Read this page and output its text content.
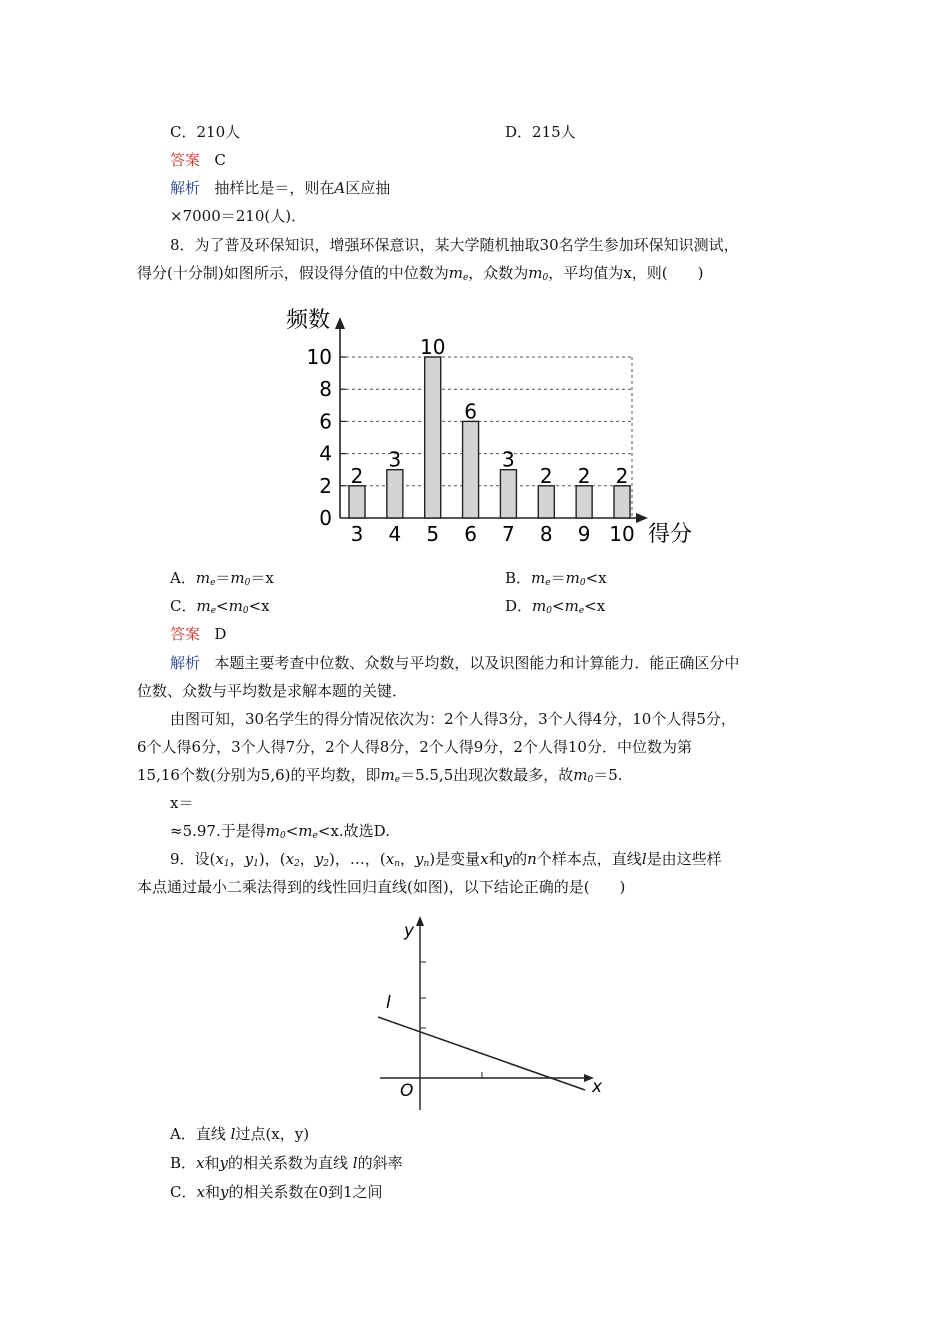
C．210人	D．215人
答案 C
解析 抽样比是＝，则在A区应抽
×7000＝210(人)．
8．为了普及环保知识，增强环保意识，某大学随机抽取30名学生参加环保知识测试，
得分(十分制)如图所示，假设得分值的中位数为$m_e$，众数为$m_0$，平均值为x，则(　　)
0
2
4
6
8
10
频数
得分
2
3
3
4
10
5
6
6
3
7
2
8
2
9
2
10
A．$m_e=m_0=x$	B．$m_e=m_0<x$
C．$m_e<m_0<x$	D．$m_0<m_e<x$
答案 D
解析 本题主要考查中位数、众数与平均数，以及识图能力和计算能力．能正确区分中
位数、众数与平均数是求解本题的关键．
由图可知，30名学生的得分情况依次为：2个人得3分，3个人得4分，10个人得5分，
6个人得6分，3个人得7分，2个人得8分，2个人得9分，2个人得10分．中位数为第
15,16个数(分别为5,6)的平均数，即$m_e=5.5,5$出现次数最多，故$m_0=5$.
x＝
≈5.97.于是得$m_0<m_e<x$.故选D.
9．设($x_1$，$y_1$)，($x_2$，$y_2$)，…，($x_n$，$y_n$)是变量x和y的n个样本点，直线l是由这些样
本点通过最小二乘法得到的线性回归直线(如图)，以下结论正确的是(　　)
y
x
O
l
A．直线 l过点(x，y)
B．x和y的相关系数为直线 l的斜率
C．x和y的相关系数在0到1之间
